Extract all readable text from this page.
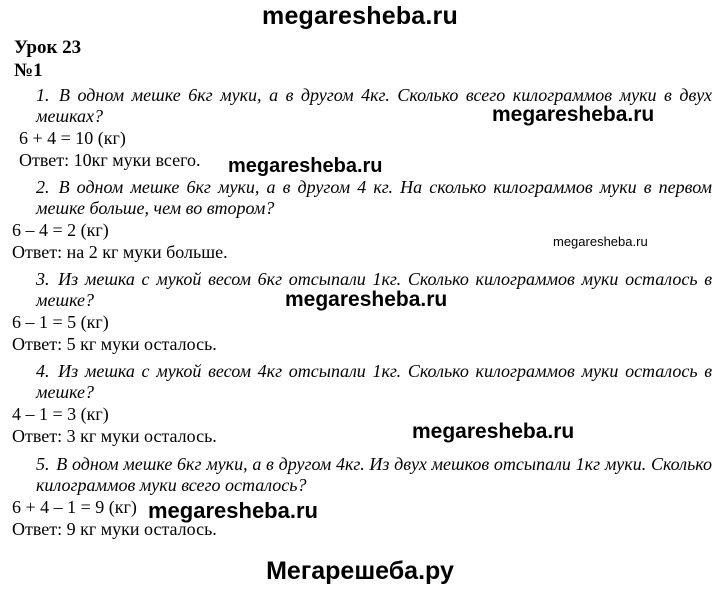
megaresheba.ru
Урок 23
№1
1. В одном мешке 6кг муки, а в другом 4кг. Сколько всего килограммов муки в двух мешках?
6 + 4 = 10 (кг)
Ответ: 10кг муки всего.
2. В одном мешке 6кг муки, а в другом 4 кг. На сколько килограммов муки в первом мешке больше, чем во втором?
6 – 4 = 2 (кг)
Ответ: на 2 кг муки больше.
3. Из мешка с мукой весом 6кг отсыпали 1кг. Сколько килограммов муки осталось в мешке?
6 – 1 = 5 (кг)
Ответ: 5 кг муки осталось.
4. Из мешка с мукой весом 4кг отсыпали 1кг. Сколько килограммов муки осталось в мешке?
4 – 1 = 3 (кг)
Ответ: 3 кг муки осталось.
5. В одном мешке 6кг муки, а в другом 4кг. Из двух мешков отсыпали 1кг муки. Сколько килограммов муки всего осталось?
6 + 4 – 1 = 9 (кг)
Ответ: 9 кг муки осталось.
megaresheba.ru
megaresheba.ru
megaresheba.ru
megaresheba.ru
megaresheba.ru
megaresheba.ru
Мегарешеба.ру
